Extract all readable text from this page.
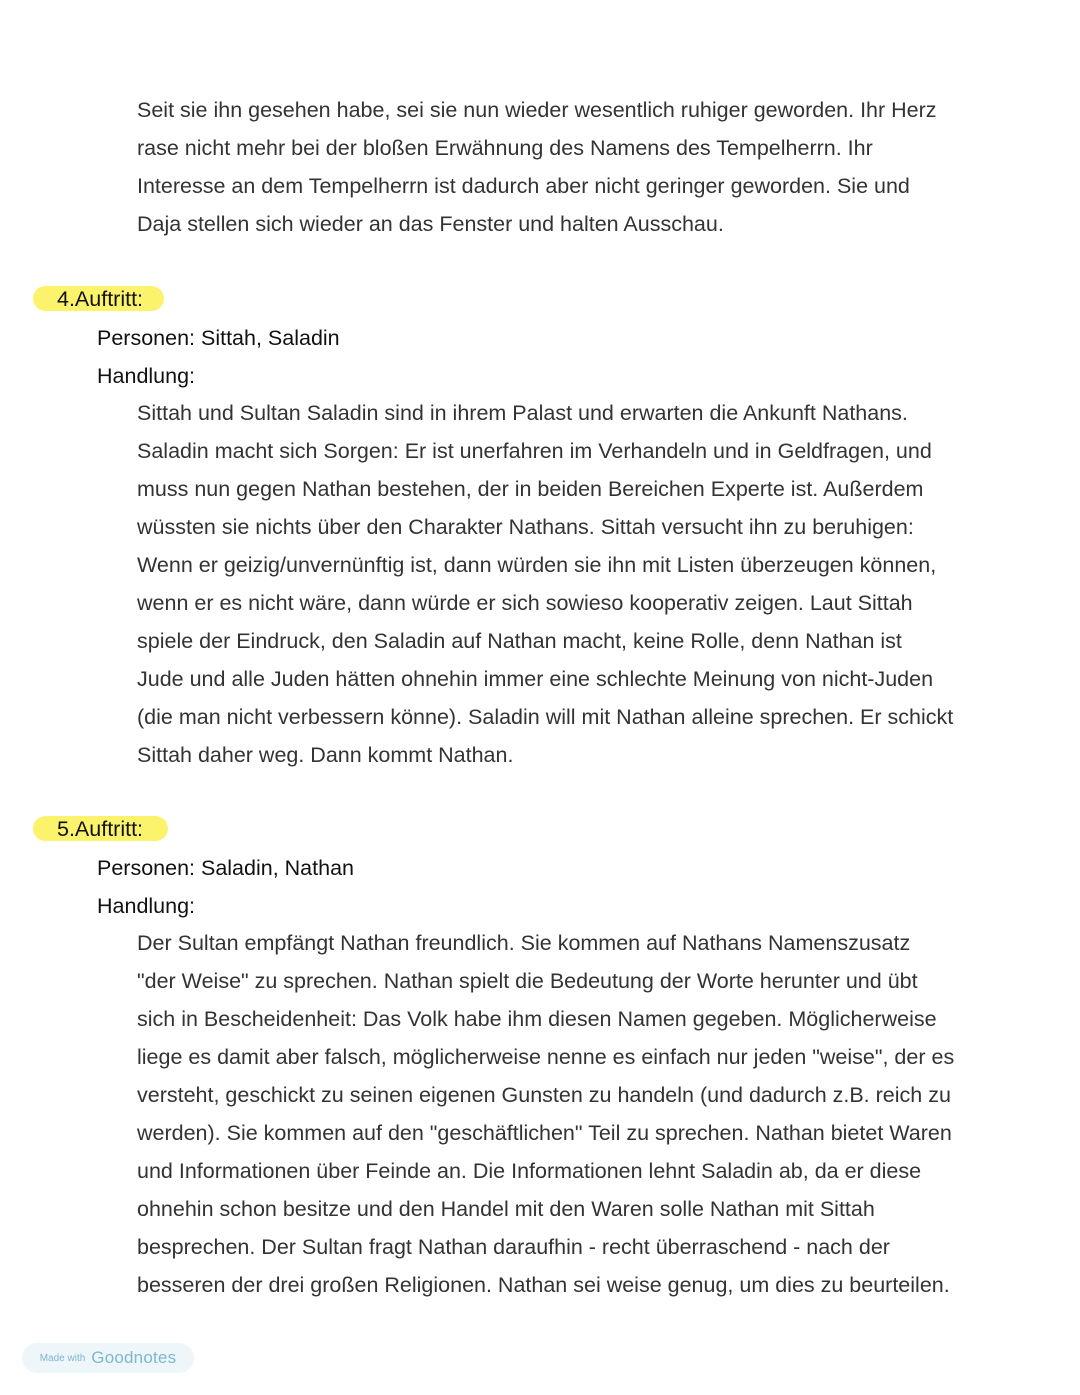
Seit sie ihn gesehen habe, sei sie nun wieder wesentlich ruhiger geworden. Ihr Herz
rase nicht mehr bei der bloßen Erwähnung des Namens des Tempelherrn. Ihr
Interesse an dem Tempelherrn ist dadurch aber nicht geringer geworden. Sie und
Daja stellen sich wieder an das Fenster und halten Ausschau.

4.Auftritt:
Personen: Sittah, Saladin
Handlung:

Sittah und Sultan Saladin sind in ihrem Palast und erwarten die Ankunft Nathans.
Saladin macht sich Sorgen: Er ist unerfahren im Verhandeln und in Geldfragen, und
muss nun gegen Nathan bestehen, der in beiden Bereichen Experte ist. Außerdem
wüssten sie nichts über den Charakter Nathans. Sittah versucht ihn zu beruhigen:
Wenn er geizig/unvernünftig ist, dann würden sie ihn mit Listen überzeugen können,
wenn er es nicht wäre, dann würde er sich sowieso kooperativ zeigen. Laut Sittah
spiele der Eindruck, den Saladin auf Nathan macht, keine Rolle, denn Nathan ist
Jude und alle Juden hätten ohnehin immer eine schlechte Meinung von nicht-Juden
(die man nicht verbessern könne). Saladin will mit Nathan alleine sprechen. Er schickt
Sittah daher weg. Dann kommt Nathan.

5.Auftritt:
Personen: Saladin, Nathan
Handlung:

Der Sultan empfängt Nathan freundlich. Sie kommen auf Nathans Namenszusatz
"der Weise" zu sprechen. Nathan spielt die Bedeutung der Worte herunter und übt
sich in Bescheidenheit: Das Volk habe ihm diesen Namen gegeben. Möglicherweise
liege es damit aber falsch, möglicherweise nenne es einfach nur jeden "weise", der es
versteht, geschickt zu seinen eigenen Gunsten zu handeln (und dadurch z.B. reich zu
werden). Sie kommen auf den "geschäftlichen" Teil zu sprechen. Nathan bietet Waren
und Informationen über Feinde an. Die Informationen lehnt Saladin ab, da er diese
ohnehin schon besitze und den Handel mit den Waren solle Nathan mit Sittah
besprechen. Der Sultan fragt Nathan daraufhin - recht überraschend - nach der
besseren der drei großen Religionen. Nathan sei weise genug, um dies zu beurteilen.

Made with Goodnotes
